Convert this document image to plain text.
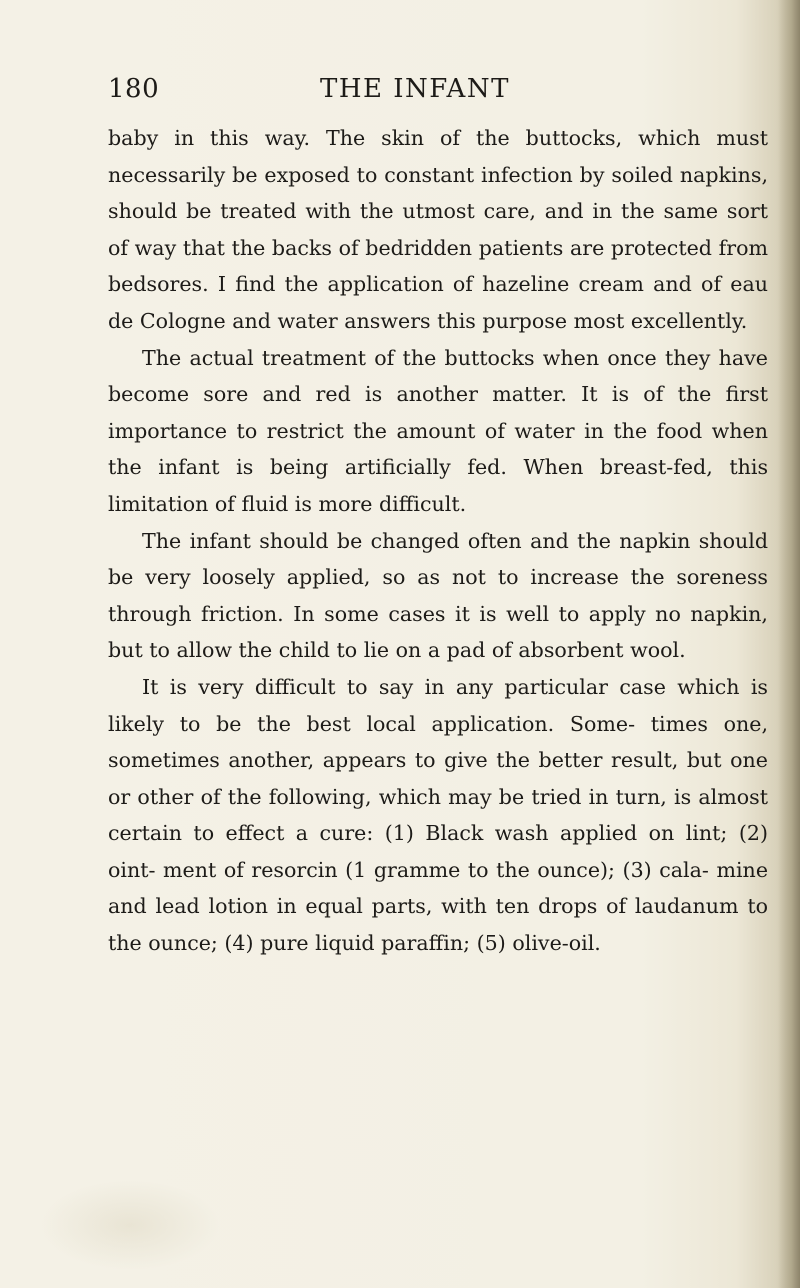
180	THE INFANT

baby in this way. The skin of the buttocks, which must necessarily be exposed to constant infection by soiled napkins, should be treated with the utmost care, and in the same sort of way that the backs of bedridden patients are protected from bedsores. I find the application of hazeline cream and of eau de Cologne and water answers this purpose most excellently.

The actual treatment of the buttocks when once they have become sore and red is another matter. It is of the first importance to restrict the amount of water in the food when the infant is being artificially fed. When breast-fed, this limitation of fluid is more difficult.

The infant should be changed often and the napkin should be very loosely applied, so as not to increase the soreness through friction. In some cases it is well to apply no napkin, but to allow the child to lie on a pad of absorbent wool.

It is very difficult to say in any particular case which is likely to be the best local application. Some- times one, sometimes another, appears to give the better result, but one or other of the following, which may be tried in turn, is almost certain to effect a cure: (1) Black wash applied on lint; (2) oint- ment of resorcin (1 gramme to the ounce); (3) cala- mine and lead lotion in equal parts, with ten drops of laudanum to the ounce; (4) pure liquid paraffin; (5) olive-oil.
